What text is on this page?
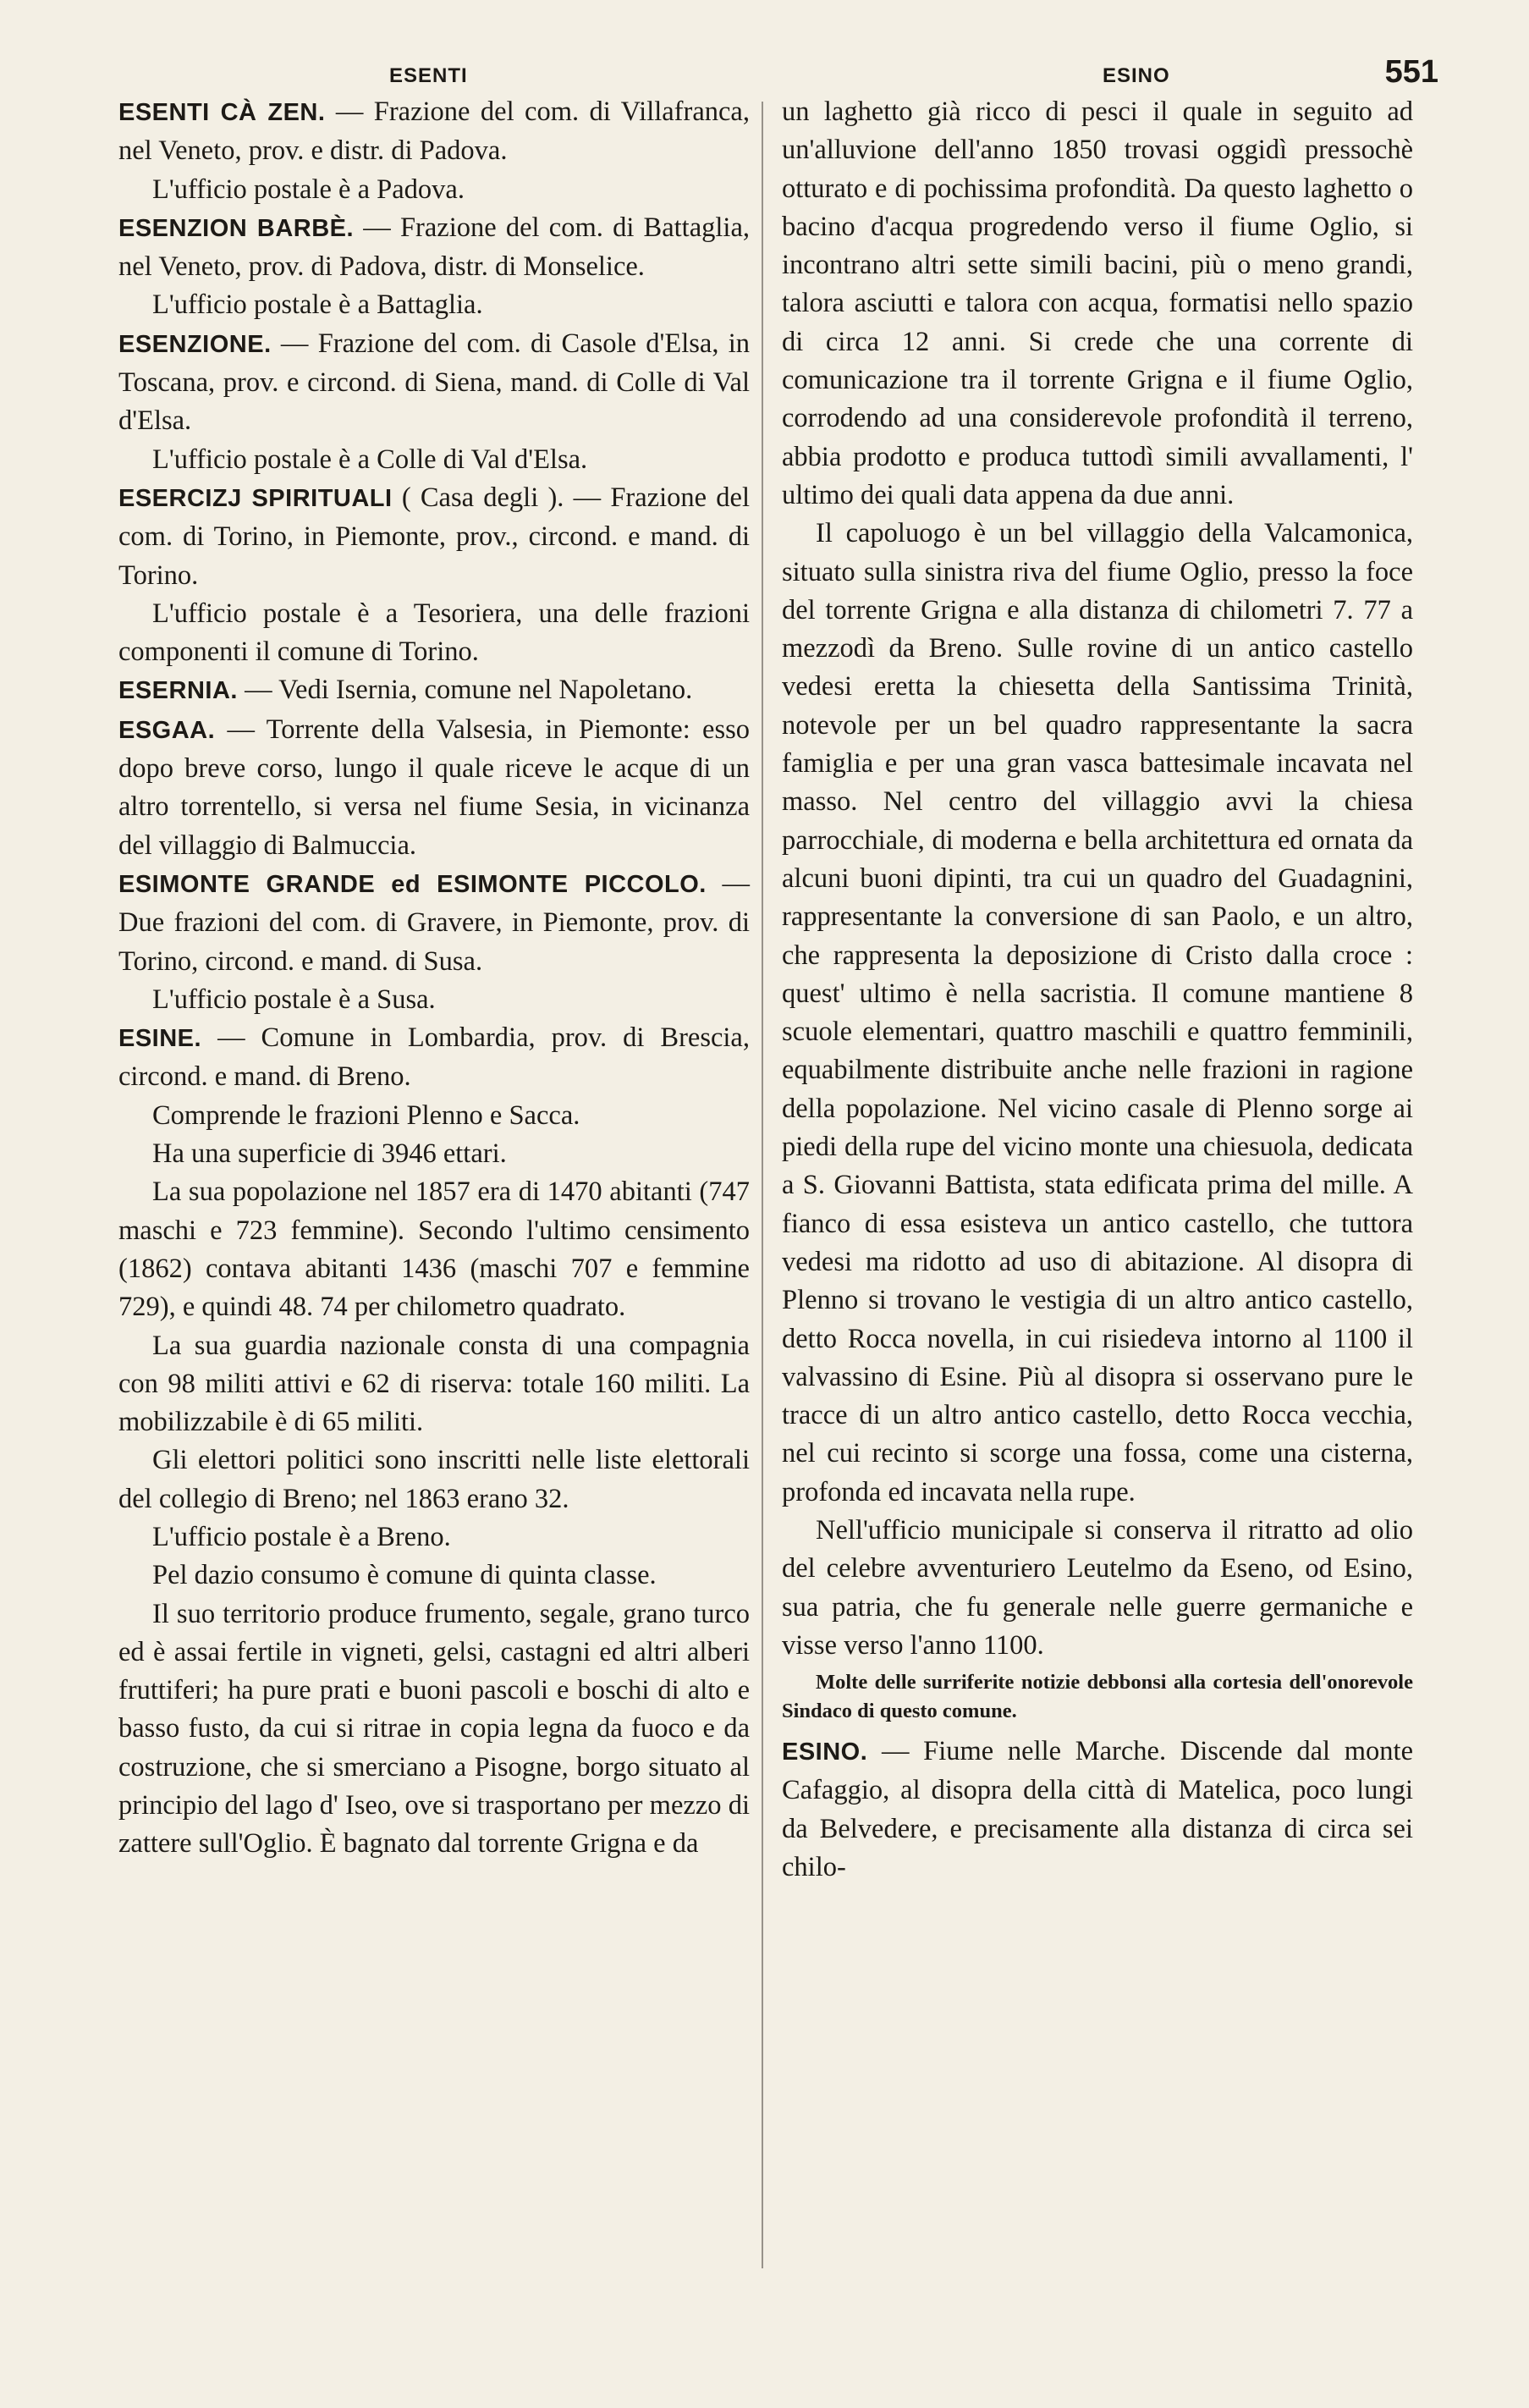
ESENTI	ESINO	551

ESENTI CÀ ZEN. — Frazione del com. di Villafranca, nel Veneto, prov. e distr. di Padova.

L'ufficio postale è a Padova.

ESENZION BARBÈ. — Frazione del com. di Battaglia, nel Veneto, prov. di Padova, distr. di Monselice.

L'ufficio postale è a Battaglia.

ESENZIONE. — Frazione del com. di Casole d'Elsa, in Toscana, prov. e circond. di Siena, mand. di Colle di Val d'Elsa.

L'ufficio postale è a Colle di Val d'Elsa.

ESERCIZJ SPIRITUALI ( Casa degli ). — Frazione del com. di Torino, in Piemonte, prov., circond. e mand. di Torino.

L'ufficio postale è a Tesoriera, una delle frazioni componenti il comune di Torino.

ESERNIA. — Vedi Isernia, comune nel Napoletano.

ESGAA. — Torrente della Valsesia, in Piemonte: esso dopo breve corso, lungo il quale riceve le acque di un altro torrentello, si versa nel fiume Sesia, in vicinanza del villaggio di Balmuccia.

ESIMONTE GRANDE ed ESIMONTE PICCOLO. — Due frazioni del com. di Gravere, in Piemonte, prov. di Torino, circond. e mand. di Susa.

L'ufficio postale è a Susa.

ESINE. — Comune in Lombardia, prov. di Brescia, circond. e mand. di Breno.

Comprende le frazioni Plenno e Sacca.

Ha una superficie di 3946 ettari.

La sua popolazione nel 1857 era di 1470 abitanti (747 maschi e 723 femmine). Secondo l'ultimo censimento (1862) contava abitanti 1436 (maschi 707 e femmine 729), e quindi 48. 74 per chilometro quadrato.

La sua guardia nazionale consta di una compagnia con 98 militi attivi e 62 di riserva: totale 160 militi. La mobilizzabile è di 65 militi.

Gli elettori politici sono inscritti nelle liste elettorali del collegio di Breno; nel 1863 erano 32.

L'ufficio postale è a Breno.

Pel dazio consumo è comune di quinta classe.

Il suo territorio produce frumento, segale, grano turco ed è assai fertile in vigneti, gelsi, castagni ed altri alberi fruttiferi; ha pure prati e buoni pascoli e boschi di alto e basso fusto, da cui si ritrae in copia legna da fuoco e da costruzione, che si smerciano a Pisogne, borgo situato al principio del lago d' Iseo, ove si trasportano per mezzo di zattere sull'Oglio. È bagnato dal torrente Grigna e da

un laghetto già ricco di pesci il quale in seguito ad un'alluvione dell'anno 1850 trovasi oggidì pressochè otturato e di pochissima profondità. Da questo laghetto o bacino d'acqua progredendo verso il fiume Oglio, si incontrano altri sette simili bacini, più o meno grandi, talora asciutti e talora con acqua, formatisi nello spazio di circa 12 anni. Si crede che una corrente di comunicazione tra il torrente Grigna e il fiume Oglio, corrodendo ad una considerevole profondità il terreno, abbia prodotto e produca tuttodì simili avvallamenti, l' ultimo dei quali data appena da due anni.

Il capoluogo è un bel villaggio della Valcamonica, situato sulla sinistra riva del fiume Oglio, presso la foce del torrente Grigna e alla distanza di chilometri 7. 77 a mezzodì da Breno. Sulle rovine di un antico castello vedesi eretta la chiesetta della Santissima Trinità, notevole per un bel quadro rappresentante la sacra famiglia e per una gran vasca battesimale incavata nel masso. Nel centro del villaggio avvi la chiesa parrocchiale, di moderna e bella architettura ed ornata da alcuni buoni dipinti, tra cui un quadro del Guadagnini, rappresentante la conversione di san Paolo, e un altro, che rappresenta la deposizione di Cristo dalla croce : quest' ultimo è nella sacristia. Il comune mantiene 8 scuole elementari, quattro maschili e quattro femminili, equabilmente distribuite anche nelle frazioni in ragione della popolazione. Nel vicino casale di Plenno sorge ai piedi della rupe del vicino monte una chiesuola, dedicata a S. Giovanni Battista, stata edificata prima del mille. A fianco di essa esisteva un antico castello, che tuttora vedesi ma ridotto ad uso di abitazione. Al disopra di Plenno si trovano le vestigia di un altro antico castello, detto Rocca novella, in cui risiedeva intorno al 1100 il valvassino di Esine. Più al disopra si osservano pure le tracce di un altro antico castello, detto Rocca vecchia, nel cui recinto si scorge una fossa, come una cisterna, profonda ed incavata nella rupe.

Nell'ufficio municipale si conserva il ritratto ad olio del celebre avventuriero Leutelmo da Eseno, od Esino, sua patria, che fu generale nelle guerre germaniche e visse verso l'anno 1100.

Molte delle surriferite notizie debbonsi alla cortesia dell'onorevole Sindaco di questo comune.

ESINO. — Fiume nelle Marche. Discende dal monte Cafaggio, al disopra della città di Matelica, poco lungi da Belvedere, e precisamente alla distanza di circa sei chilo-
